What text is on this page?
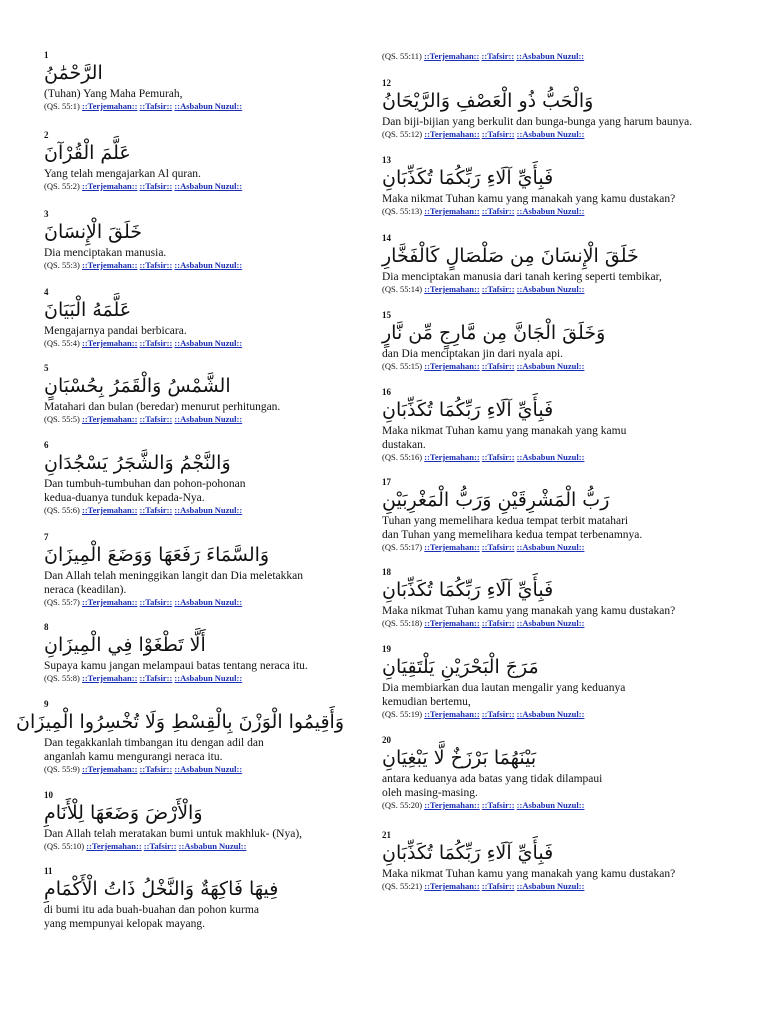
1
الرَّحْمَٰنُ
(Tuhan) Yang Maha Pemurah,
(QS. 55:1) ::Terjemahan:: ::Tafsir:: ::Asbabun Nuzul::
2
عَلَّمَ الْقُرْآنَ
Yang telah mengajarkan Al quran.
(QS. 55:2) ::Terjemahan:: ::Tafsir:: ::Asbabun Nuzul::
3
خَلَقَ الْإِنسَانَ
Dia menciptakan manusia.
(QS. 55:3) ::Terjemahan:: ::Tafsir:: ::Asbabun Nuzul::
4
عَلَّمَهُ الْبَيَانَ
Mengajarnya pandai berbicara.
(QS. 55:4) ::Terjemahan:: ::Tafsir:: ::Asbabun Nuzul::
5
الشَّمْسُ وَالْقَمَرُ بِحُسْبَانٍ
Matahari dan bulan (beredar) menurut perhitungan.
(QS. 55:5) ::Terjemahan:: ::Tafsir:: ::Asbabun Nuzul::
6
وَالنَّجْمُ وَالشَّجَرُ يَسْجُدَانِ
Dan tumbuh-tumbuhan dan pohon-pohonan
kedua-duanya tunduk kepada-Nya.
(QS. 55:6) ::Terjemahan:: ::Tafsir:: ::Asbabun Nuzul::
7
وَالسَّمَاءَ رَفَعَهَا وَوَضَعَ الْمِيزَانَ
Dan Allah telah meninggikan langit dan Dia meletakkan
neraca (keadilan).
(QS. 55:7) ::Terjemahan:: ::Tafsir:: ::Asbabun Nuzul::
8
أَلَّا تَطْغَوْا فِي الْمِيزَانِ
Supaya kamu jangan melampaui batas tentang neraca itu.
(QS. 55:8) ::Terjemahan:: ::Tafsir:: ::Asbabun Nuzul::
9
وَأَقِيمُوا الْوَزْنَ بِالْقِسْطِ وَلَا تُخْسِرُوا الْمِيزَانَ
Dan tegakkanlah timbangan itu dengan adil dan
anganlah kamu mengurangi neraca itu.
(QS. 55:9) ::Terjemahan:: ::Tafsir:: ::Asbabun Nuzul::
10
وَالْأَرْضَ وَضَعَهَا لِلْأَنَامِ
Dan Allah telah meratakan bumi untuk makhluk- (Nya),
(QS. 55:10) ::Terjemahan:: ::Tafsir:: ::Asbabun Nuzul::
11
فِيهَا فَاكِهَةٌ وَالنَّخْلُ ذَاتُ الْأَكْمَامِ
di bumi itu ada buah-buahan dan pohon kurma
yang mempunyai kelopak mayang.
(QS. 55:11) ::Terjemahan:: ::Tafsir:: ::Asbabun Nuzul::
12
وَالْحَبُّ ذُو الْعَصْفِ وَالرَّيْحَانُ
Dan biji-bijian yang berkulit dan bunga-bunga yang harum baunya.
(QS. 55:12) ::Terjemahan:: ::Tafsir:: ::Asbabun Nuzul::
13
فَبِأَيِّ آلَاءِ رَبِّكُمَا تُكَذِّبَانِ
Maka nikmat Tuhan kamu yang manakah yang kamu dustakan?
(QS. 55:13) ::Terjemahan:: ::Tafsir:: ::Asbabun Nuzul::
14
خَلَقَ الْإِنسَانَ مِن صَلْصَالٍ كَالْفَخَّارِ
Dia menciptakan manusia dari tanah kering seperti tembikar,
(QS. 55:14) ::Terjemahan:: ::Tafsir:: ::Asbabun Nuzul::
15
وَخَلَقَ الْجَانَّ مِن مَّارِجٍ مِّن نَّارٍ
dan Dia menciptakan jin dari nyala api.
(QS. 55:15) ::Terjemahan:: ::Tafsir:: ::Asbabun Nuzul::
16
فَبِأَيِّ آلَاءِ رَبِّكُمَا تُكَذِّبَانِ
Maka nikmat Tuhan kamu yang manakah yang kamu
dustakan.
(QS. 55:16) ::Terjemahan:: ::Tafsir:: ::Asbabun Nuzul::
17
رَبُّ الْمَشْرِقَيْنِ وَرَبُّ الْمَغْرِبَيْنِ
Tuhan yang memelihara kedua tempat terbit matahari
dan Tuhan yang memelihara kedua tempat terbenamnya.
(QS. 55:17) ::Terjemahan:: ::Tafsir:: ::Asbabun Nuzul::
18
فَبِأَيِّ آلَاءِ رَبِّكُمَا تُكَذِّبَانِ
Maka nikmat Tuhan kamu yang manakah yang kamu dustakan?
(QS. 55:18) ::Terjemahan:: ::Tafsir:: ::Asbabun Nuzul::
19
مَرَجَ الْبَحْرَيْنِ يَلْتَقِيَانِ
Dia membiarkan dua lautan mengalir yang keduanya
kemudian bertemu,
(QS. 55:19) ::Terjemahan:: ::Tafsir:: ::Asbabun Nuzul::
20
بَيْنَهُمَا بَرْزَخٌ لَّا يَبْغِيَانِ
antara keduanya ada batas yang tidak dilampaui
oleh masing-masing.
(QS. 55:20) ::Terjemahan:: ::Tafsir:: ::Asbabun Nuzul::
21
فَبِأَيِّ آلَاءِ رَبِّكُمَا تُكَذِّبَانِ
Maka nikmat Tuhan kamu yang manakah yang kamu dustakan?
(QS. 55:21) ::Terjemahan:: ::Tafsir:: ::Asbabun Nuzul::
